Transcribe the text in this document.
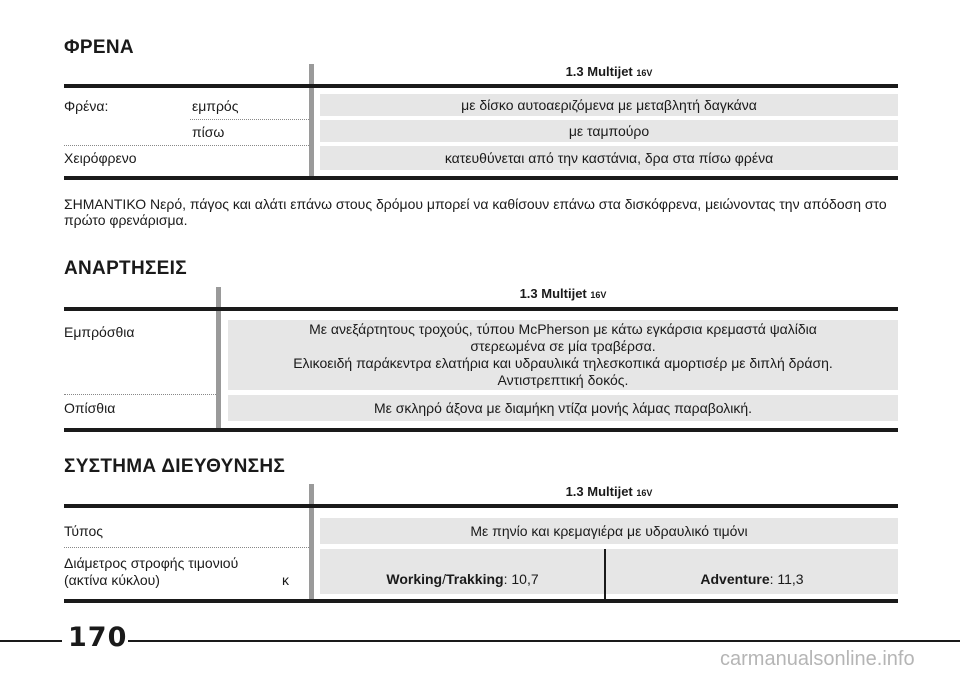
ΦΡΕΝΑ
1.3 Multijet 16V
Φρένα:	εμπρός	με δίσκο αυτοαεριζόμενα με μεταβλητή δαγκάνα
πίσω	με ταμπούρο
Χειρόφρενο	κατευθύνεται από την καστάνια, δρα στα πίσω φρένα
ΣΗΜΑΝΤΙΚΟ Νερό, πάγος και αλάτι επάνω στους δρόμου μπορεί να καθίσουν επάνω στα δισκόφρενα, μειώνοντας την απόδοση στο πρώτο φρενάρισμα.
ΑΝΑΡΤΗΣΕΙΣ
1.3 Multijet 16V
Εμπρόσθια	Με ανεξάρτητους τροχούς, τύπου McPherson με κάτω εγκάρσια κρεμαστά ψαλίδια
στερεωμένα σε μία τραβέρσα.
Ελικοειδή παράκεντρα ελατήρια και υδραυλικά τηλεσκοπικά αμορτισέρ με διπλή δράση.
Αντιστρεπτική δοκός.
Οπίσθια	Με σκληρό άξονα με διαμήκη ντίζα μονής λάμας παραβολική.
ΣΥΣΤΗΜΑ ΔΙΕΥΘΥΝΣΗΣ
1.3 Multijet 16V
Τύπος	Με πηνίο και κρεμαγιέρα με υδραυλικό τιμόνι
Διάμετρος στροφής τιμονιού
(ακτίνα κύκλου)	κ	Working / Trakking : 10,7	Adventure : 11,3
170
carmanualsonline.info
